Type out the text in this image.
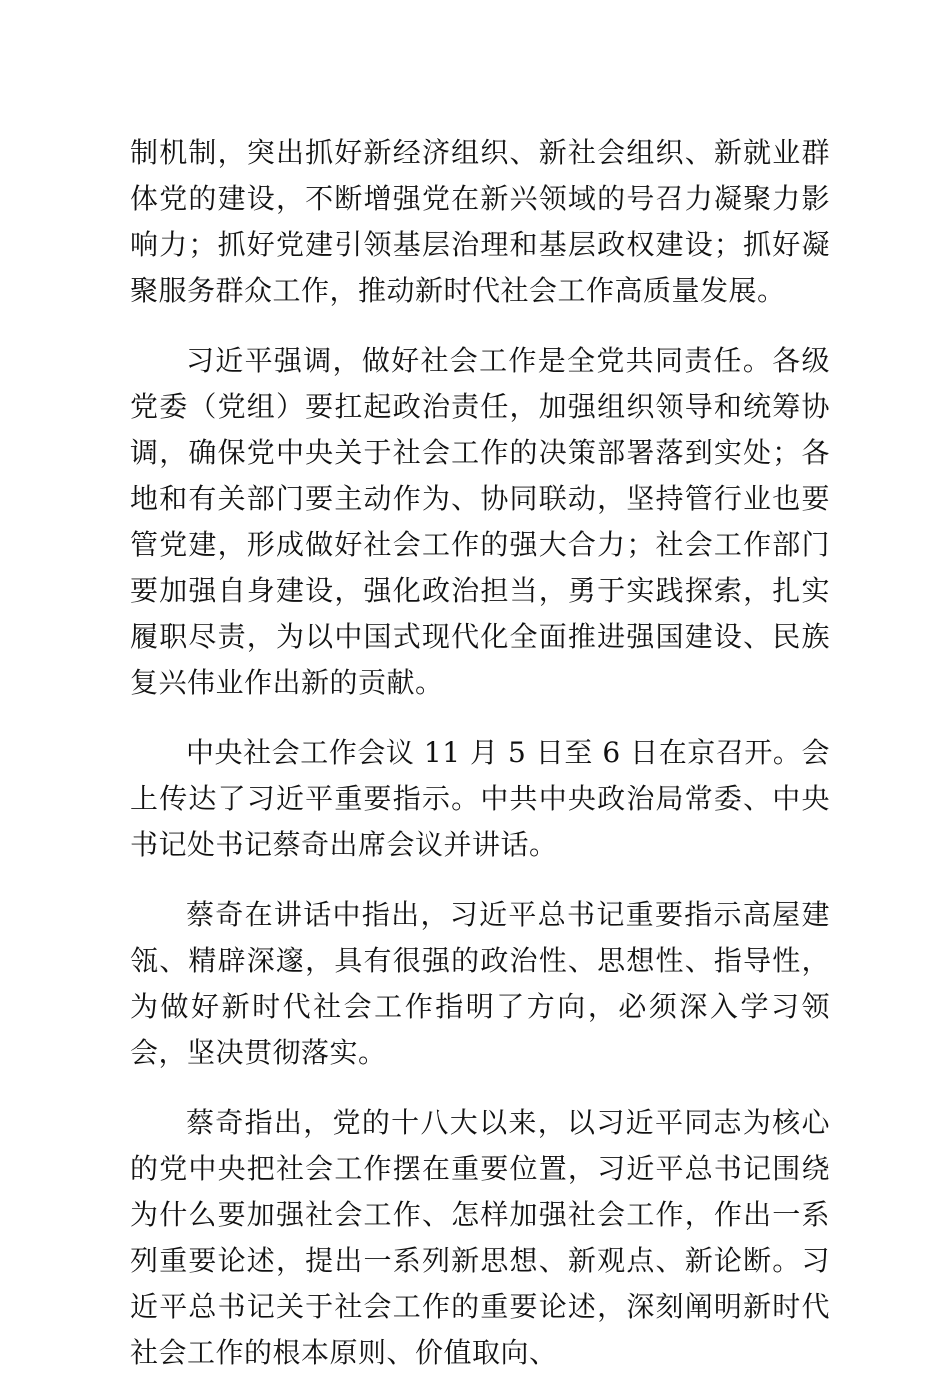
制机制，突出抓好新经济组织、新社会组织、新就业群体党的建设，不断增强党在新兴领域的号召力凝聚力影响力；抓好党建引领基层治理和基层政权建设；抓好凝聚服务群众工作，推动新时代社会工作高质量发展。

习近平强调，做好社会工作是全党共同责任。各级党委（党组）要扛起政治责任，加强组织领导和统筹协调，确保党中央关于社会工作的决策部署落到实处；各地和有关部门要主动作为、协同联动，坚持管行业也要管党建，形成做好社会工作的强大合力；社会工作部门要加强自身建设，强化政治担当，勇于实践探索，扎实履职尽责，为以中国式现代化全面推进强国建设、民族复兴伟业作出新的贡献。

中央社会工作会议 11 月 5 日至 6 日在京召开。会上传达了习近平重要指示。中共中央政治局常委、中央书记处书记蔡奇出席会议并讲话。

蔡奇在讲话中指出，习近平总书记重要指示高屋建瓴、精辟深邃，具有很强的政治性、思想性、指导性，为做好新时代社会工作指明了方向，必须深入学习领会，坚决贯彻落实。

蔡奇指出，党的十八大以来，以习近平同志为核心的党中央把社会工作摆在重要位置，习近平总书记围绕为什么要加强社会工作、怎样加强社会工作，作出一系列重要论述，提出一系列新思想、新观点、新论断。习近平总书记关于社会工作的重要论述，深刻阐明新时代社会工作的根本原则、价值取向、
